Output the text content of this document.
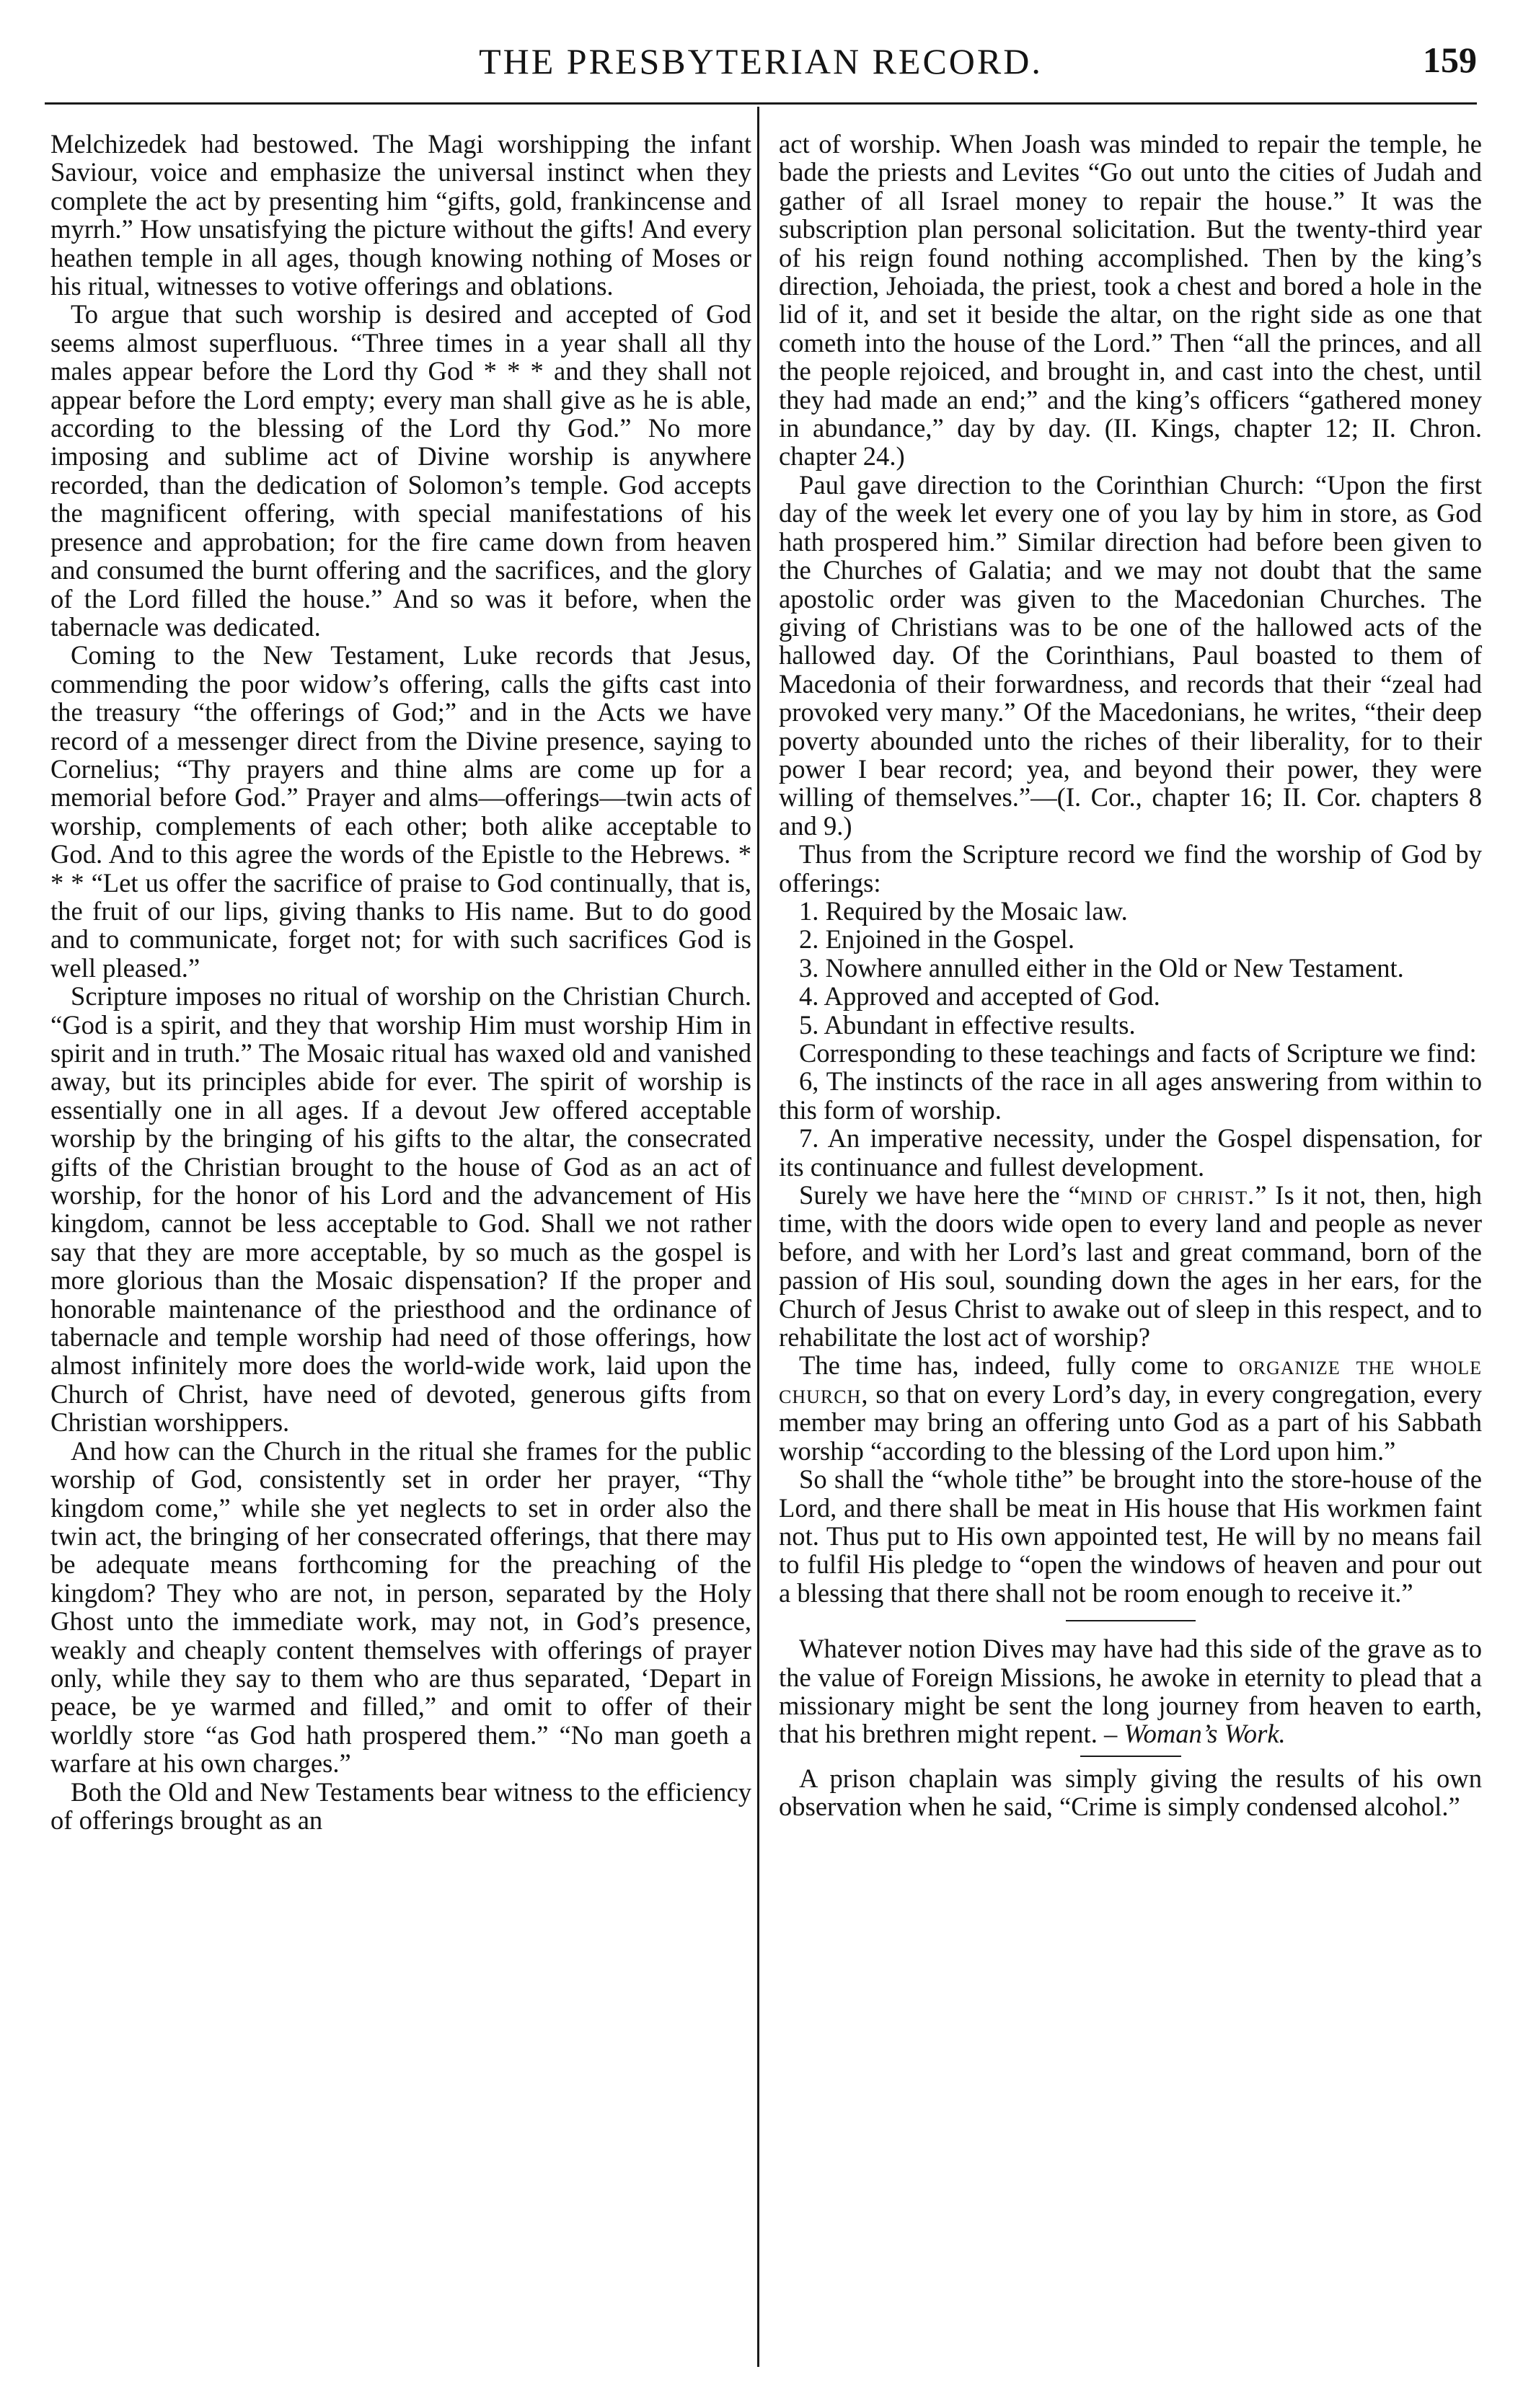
THE PRESBYTERIAN RECORD.	159

Melchizedek had bestowed. The Magi worshipping the infant Saviour, voice and emphasize the universal instinct when they complete the act by presenting him “gifts, gold, frankincense and myrrh.” How unsatisfying the picture without the gifts! And every heathen temple in all ages, though knowing nothing of Moses or his ritual, witnesses to votive offerings and oblations.

To argue that such worship is desired and accepted of God seems almost superfluous. “Three times in a year shall all thy males appear before the Lord thy God * * * and they shall not appear before the Lord empty; every man shall give as he is able, according to the blessing of the Lord thy God.” No more imposing and sublime act of Divine worship is anywhere recorded, than the dedication of Solomon’s temple. God accepts the magnificent offering, with special manifestations of his presence and approbation; for the fire came down from heaven and consumed the burnt offering and the sacrifices, and the glory of the Lord filled the house.” And so was it before, when the tabernacle was dedicated.

Coming to the New Testament, Luke records that Jesus, commending the poor widow’s offering, calls the gifts cast into the treasury “the offerings of God;” and in the Acts we have record of a messenger direct from the Divine presence, saying to Cornelius; “Thy prayers and thine alms are come up for a memorial before God.” Prayer and alms—offerings—twin acts of worship, complements of each other; both alike acceptable to God. And to this agree the words of the Epistle to the Hebrews. * * * “Let us offer the sacrifice of praise to God continually, that is, the fruit of our lips, giving thanks to His name. But to do good and to communicate, forget not; for with such sacrifices God is well pleased.”

Scripture imposes no ritual of worship on the Christian Church. “God is a spirit, and they that worship Him must worship Him in spirit and in truth.” The Mosaic ritual has waxed old and vanished away, but its principles abide for ever. The spirit of worship is essentially one in all ages. If a devout Jew offered acceptable worship by the bringing of his gifts to the altar, the consecrated gifts of the Christian brought to the house of God as an act of worship, for the honor of his Lord and the advancement of His kingdom, cannot be less acceptable to God. Shall we not rather say that they are more acceptable, by so much as the gospel is more glorious than the Mosaic dispensation? If the proper and honorable maintenance of the priesthood and the ordinance of tabernacle and temple worship had need of those offerings, how almost infinitely more does the world-wide work, laid upon the Church of Christ, have need of devoted, generous gifts from Christian worshippers.

And how can the Church in the ritual she frames for the public worship of God, consistently set in order her prayer, “Thy kingdom come,” while she yet neglects to set in order also the twin act, the bringing of her consecrated offerings, that there may be adequate means forthcoming for the preaching of the kingdom? They who are not, in person, separated by the Holy Ghost unto the immediate work, may not, in God’s presence, weakly and cheaply content themselves with offerings of prayer only, while they say to them who are thus separated, ‘Depart in peace, be ye warmed and filled,” and omit to offer of their worldly store “as God hath prospered them.” “No man goeth a warfare at his own charges.”

Both the Old and New Testaments bear witness to the efficiency of offerings brought as an

act of worship. When Joash was minded to repair the temple, he bade the priests and Levites “Go out unto the cities of Judah and gather of all Israel money to repair the house.” It was the subscription plan personal solicitation. But the twenty-third year of his reign found nothing accomplished. Then by the king’s direction, Jehoiada, the priest, took a chest and bored a hole in the lid of it, and set it beside the altar, on the right side as one that cometh into the house of the Lord.” Then “all the princes, and all the people rejoiced, and brought in, and cast into the chest, until they had made an end;” and the king’s officers “gathered money in abundance,” day by day. (II. Kings, chapter 12; II. Chron. chapter 24.)

Paul gave direction to the Corinthian Church: “Upon the first day of the week let every one of you lay by him in store, as God hath prospered him.” Similar direction had before been given to the Churches of Galatia; and we may not doubt that the same apostolic order was given to the Macedonian Churches. The giving of Christians was to be one of the hallowed acts of the hallowed day. Of the Corinthians, Paul boasted to them of Macedonia of their forwardness, and records that their “zeal had provoked very many.” Of the Macedonians, he writes, “their deep poverty abounded unto the riches of their liberality, for to their power I bear record; yea, and beyond their power, they were willing of themselves.”—(I. Cor., chapter 16; II. Cor. chapters 8 and 9.)

Thus from the Scripture record we find the worship of God by offerings:

1. Required by the Mosaic law.
2. Enjoined in the Gospel.
3. Nowhere annulled either in the Old or New Testament.
4. Approved and accepted of God.
5. Abundant in effective results.

Corresponding to these teachings and facts of Scripture we find:

6, The instincts of the race in all ages answering from within to this form of worship.
7. An imperative necessity, under the Gospel dispensation, for its continuance and fullest development.

Surely we have here the “mind of christ.” Is it not, then, high time, with the doors wide open to every land and people as never before, and with her Lord’s last and great command, born of the passion of His soul, sounding down the ages in her ears, for the Church of Jesus Christ to awake out of sleep in this respect, and to rehabilitate the lost act of worship?

The time has, indeed, fully come to organize the whole church, so that on every Lord’s day, in every congregation, every member may bring an offering unto God as a part of his Sabbath worship “according to the blessing of the Lord upon him.”

So shall the “whole tithe” be brought into the store-house of the Lord, and there shall be meat in His house that His workmen faint not. Thus put to His own appointed test, He will by no means fail to fulfil His pledge to “open the windows of heaven and pour out a blessing that there shall not be room enough to receive it.”

Whatever notion Dives may have had this side of the grave as to the value of Foreign Missions, he awoke in eternity to plead that a missionary might be sent the long journey from heaven to earth, that his brethren might repent. – Woman’s Work.

A prison chaplain was simply giving the results of his own observation when he said, “Crime is simply condensed alcohol.”
